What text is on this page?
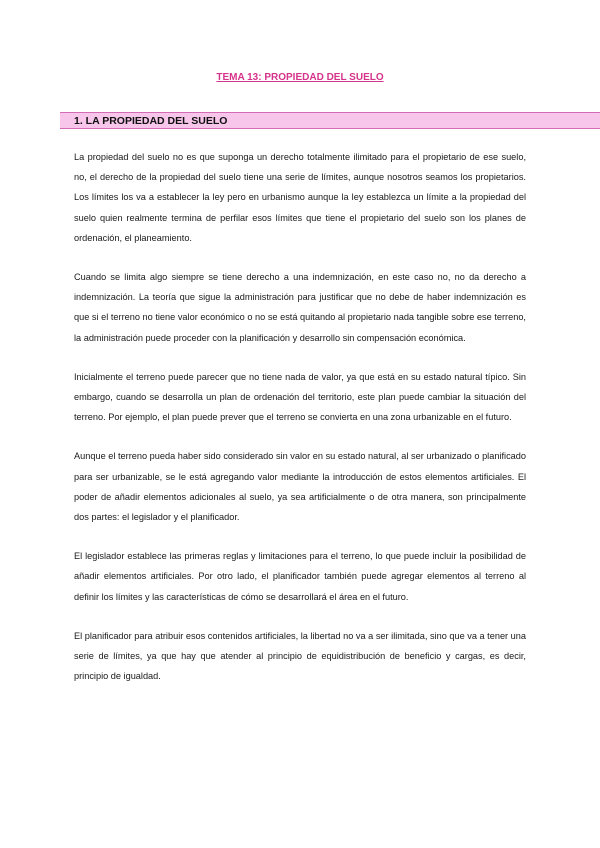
TEMA 13: PROPIEDAD DEL SUELO
1. LA PROPIEDAD DEL SUELO

La propiedad del suelo no es que suponga un derecho totalmente ilimitado para el propietario de ese suelo, no, el derecho de la propiedad del suelo tiene una serie de límites, aunque nosotros seamos los propietarios. Los límites los va a establecer la ley pero en urbanismo aunque la ley establezca un límite a la propiedad del suelo quien realmente termina de perfilar esos límites que tiene el propietario del suelo son los planes de ordenación, el planeamiento.

Cuando se limita algo siempre se tiene derecho a una indemnización, en este caso no, no da derecho a indemnización. La teoría que sigue la administración para justificar que no debe de haber indemnización es que si el terreno no tiene valor económico o no se está quitando al propietario nada tangible sobre ese terreno, la administración puede proceder con la planificación y desarrollo sin compensación económica.

Inicialmente el terreno puede parecer que no tiene nada de valor, ya que está en su estado natural típico. Sin embargo, cuando se desarrolla un plan de ordenación del territorio, este plan puede cambiar la situación del terreno. Por ejemplo, el plan puede prever que el terreno se convierta en una zona urbanizable en el futuro.

Aunque el terreno pueda haber sido considerado sin valor en su estado natural, al ser urbanizado o planificado para ser urbanizable, se le está agregando valor mediante la introducción de estos elementos artificiales. El poder de añadir elementos adicionales al suelo, ya sea artificialmente o de otra manera, son principalmente dos partes: el legislador y el planificador.

El legislador establece las primeras reglas y limitaciones para el terreno, lo que puede incluir la posibilidad de añadir elementos artificiales. Por otro lado, el planificador también puede agregar elementos al terreno al definir los límites y las características de cómo se desarrollará el área en el futuro.

El planificador para atribuir esos contenidos artificiales, la libertad no va a ser ilimitada, sino que va a tener una serie de límites, ya que hay que atender al principio de equidistribución de beneficio y cargas, es decir, principio de igualdad.
